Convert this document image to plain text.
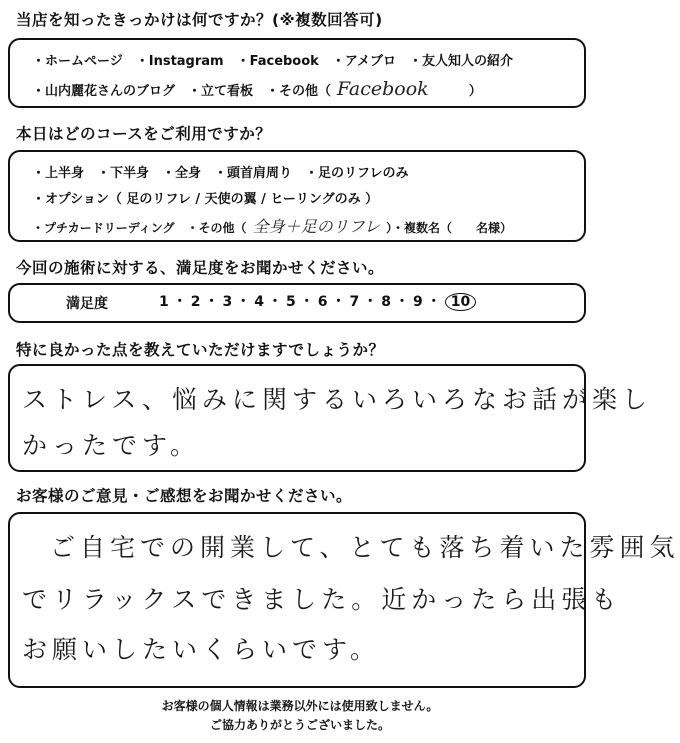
当店を知ったきっかけは何ですか？(※複数回答可)
・ホームページ　・Instagram　・Facebook　・アメブロ　・友人知人の紹介
・山内麗花さんのブログ　・立て看板　・その他（ Facebook	）
本日はどのコースをご利用ですか？
・上半身　・下半身　・全身　・頭首肩周り　・足のリフレのみ
・オプション（ 足のリフレ / 天使の翼 / ヒーリングのみ ）
・プチカードリーディング　・その他（ 全身＋足のリフレ ）・複数名（　　名様）
今回の施術に対する、満足度をお聞かせください。
満足度	1 ・ 2 ・ 3 ・ 4 ・ 5 ・ 6 ・ 7 ・ 8 ・ 9 ・ 10
特に良かった点を教えていただけますでしょうか？
ストレス、悩みに関するいろいろなお話が楽し
かったです。
お客様のご意見・ご感想をお聞かせください。
ご自宅での開業して、とても落ち着いた雰囲気
でリラックスできました。近かったら出張も
お願いしたいくらいです。
お客様の個人情報は業務以外には使用致しません。
ご協力ありがとうございました。
